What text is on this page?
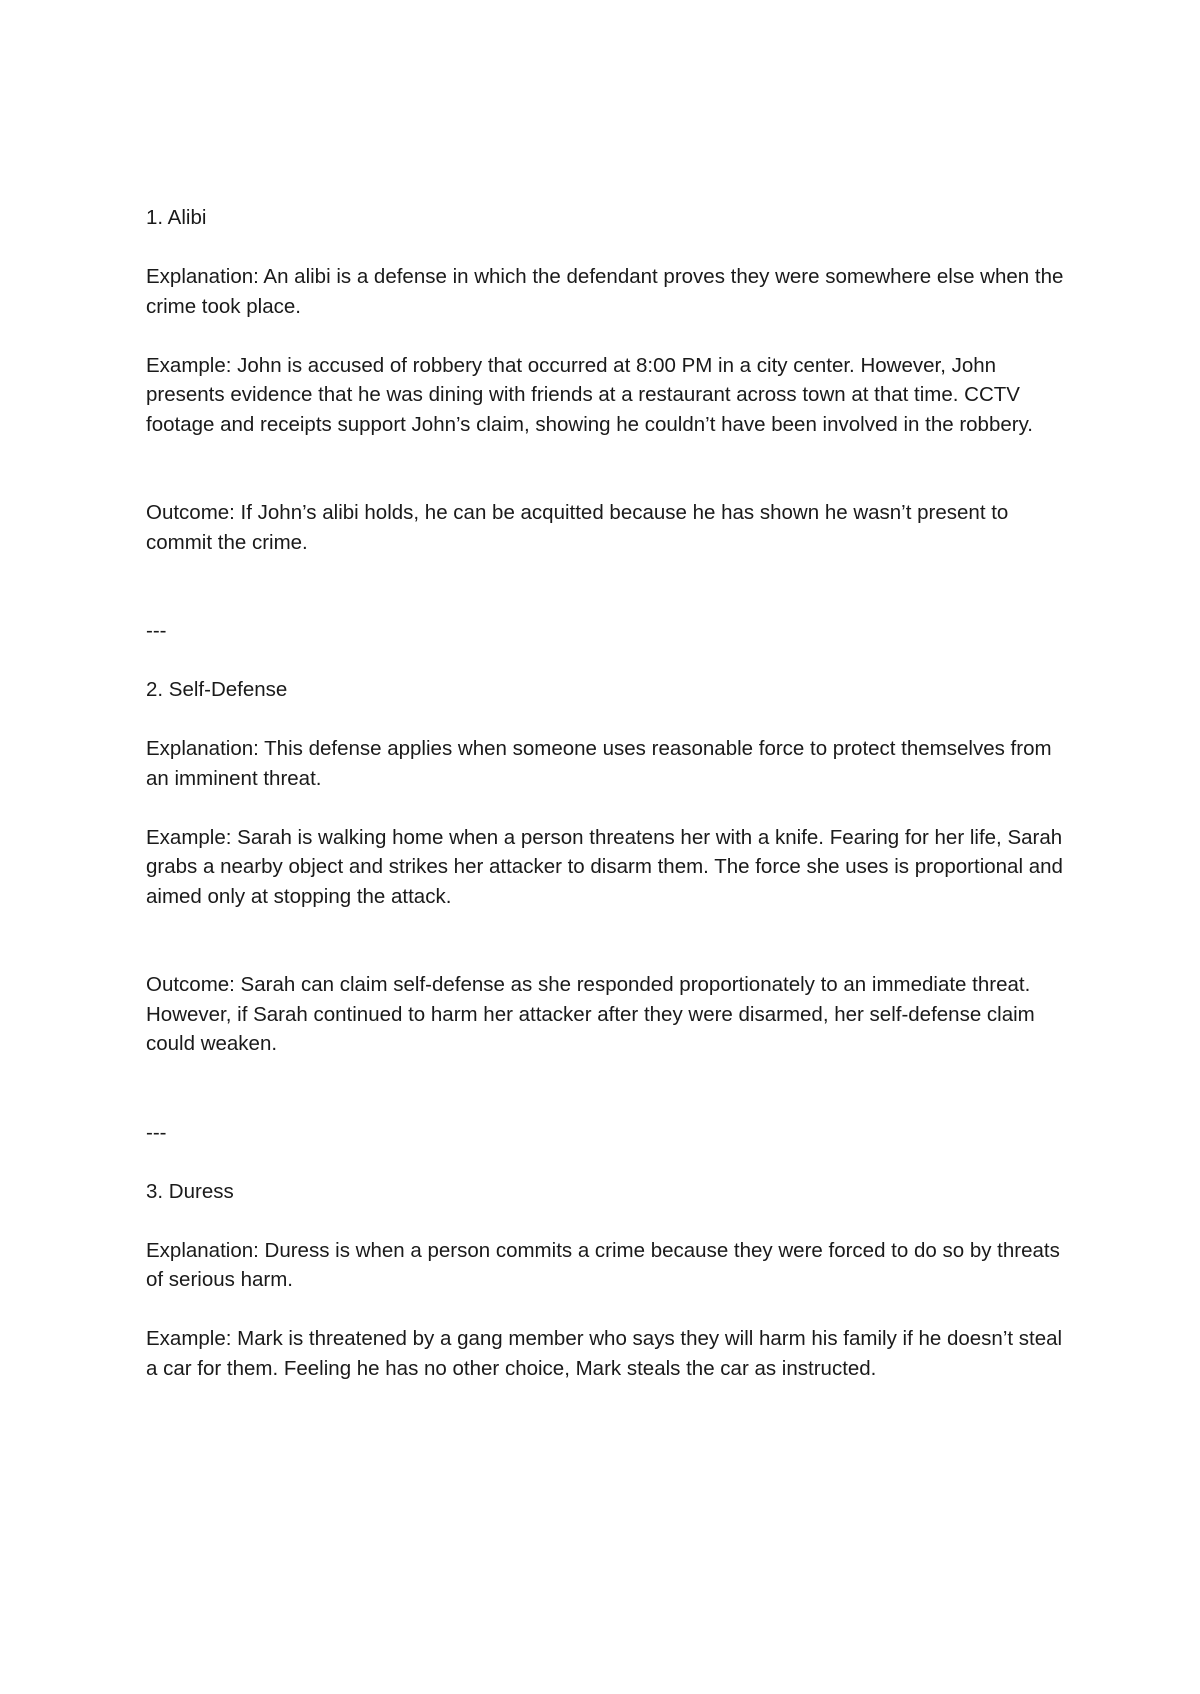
1. Alibi

Explanation: An alibi is a defense in which the defendant proves they were somewhere else when the crime took place.

Example: John is accused of robbery that occurred at 8:00 PM in a city center. However, John presents evidence that he was dining with friends at a restaurant across town at that time. CCTV footage and receipts support John’s claim, showing he couldn’t have been involved in the robbery.

Outcome: If John’s alibi holds, he can be acquitted because he has shown he wasn’t present to commit the crime.

---

2. Self-Defense

Explanation: This defense applies when someone uses reasonable force to protect themselves from an imminent threat.

Example: Sarah is walking home when a person threatens her with a knife. Fearing for her life, Sarah grabs a nearby object and strikes her attacker to disarm them. The force she uses is proportional and aimed only at stopping the attack.

Outcome: Sarah can claim self-defense as she responded proportionately to an immediate threat. However, if Sarah continued to harm her attacker after they were disarmed, her self-defense claim could weaken.

---

3. Duress

Explanation: Duress is when a person commits a crime because they were forced to do so by threats of serious harm.

Example: Mark is threatened by a gang member who says they will harm his family if he doesn’t steal a car for them. Feeling he has no other choice, Mark steals the car as instructed.
